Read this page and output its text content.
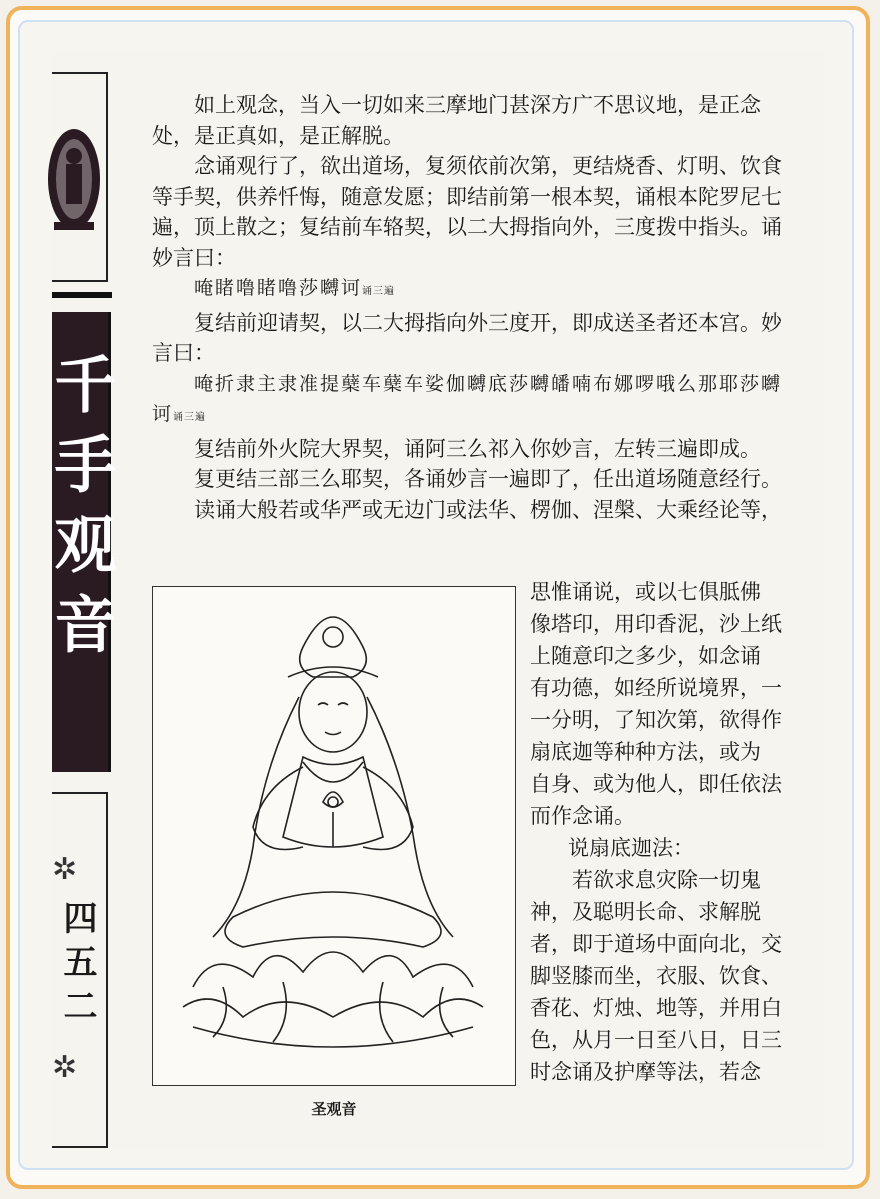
千手观音
✲
四五二
✲

如上观念，当入一切如来三摩地门甚深方广不思议地，是正念处，是正真如，是正解脱。

念诵观行了，欲出道场，复须依前次第，更结烧香、灯明、饮食等手契，供养忏悔，随意发愿；即结前第一根本契，诵根本陀罗尼七遍，顶上散之；复结前车辂契，以二大拇指向外，三度拨中指头。诵妙言曰：

唵睹噜睹噜莎嚩诃诵三遍

复结前迎请契，以二大拇指向外三度开，即成送圣者还本宫。妙言曰：

唵折隶主隶准提蘖车蘖车娑伽嚩底莎嚩皤喃布娜啰哦么那耶莎嚩诃诵三遍

复结前外火院大界契，诵阿三么祁入你妙言，左转三遍即成。

复更结三部三么耶契，各诵妙言一遍即了，任出道场随意经行。

读诵大般若或华严或无边门或法华、楞伽、涅槃、大乘经论等，

思惟诵说，或以七俱胝佛
像塔印，用印香泥，沙上纸
上随意印之多少，如念诵
有功德，如经所说境界，一
一分明，了知次第，欲得作
扇底迦等种种方法，或为
自身、或为他人，即任依法
而作念诵。
说扇底迦法：
若欲求息灾除一切鬼
神，及聪明长命、求解脱
者，即于道场中面向北，交
脚竖膝而坐，衣服、饮食、
香花、灯烛、地等，并用白
色，从月一日至八日，日三
时念诵及护摩等法，若念
圣观音
